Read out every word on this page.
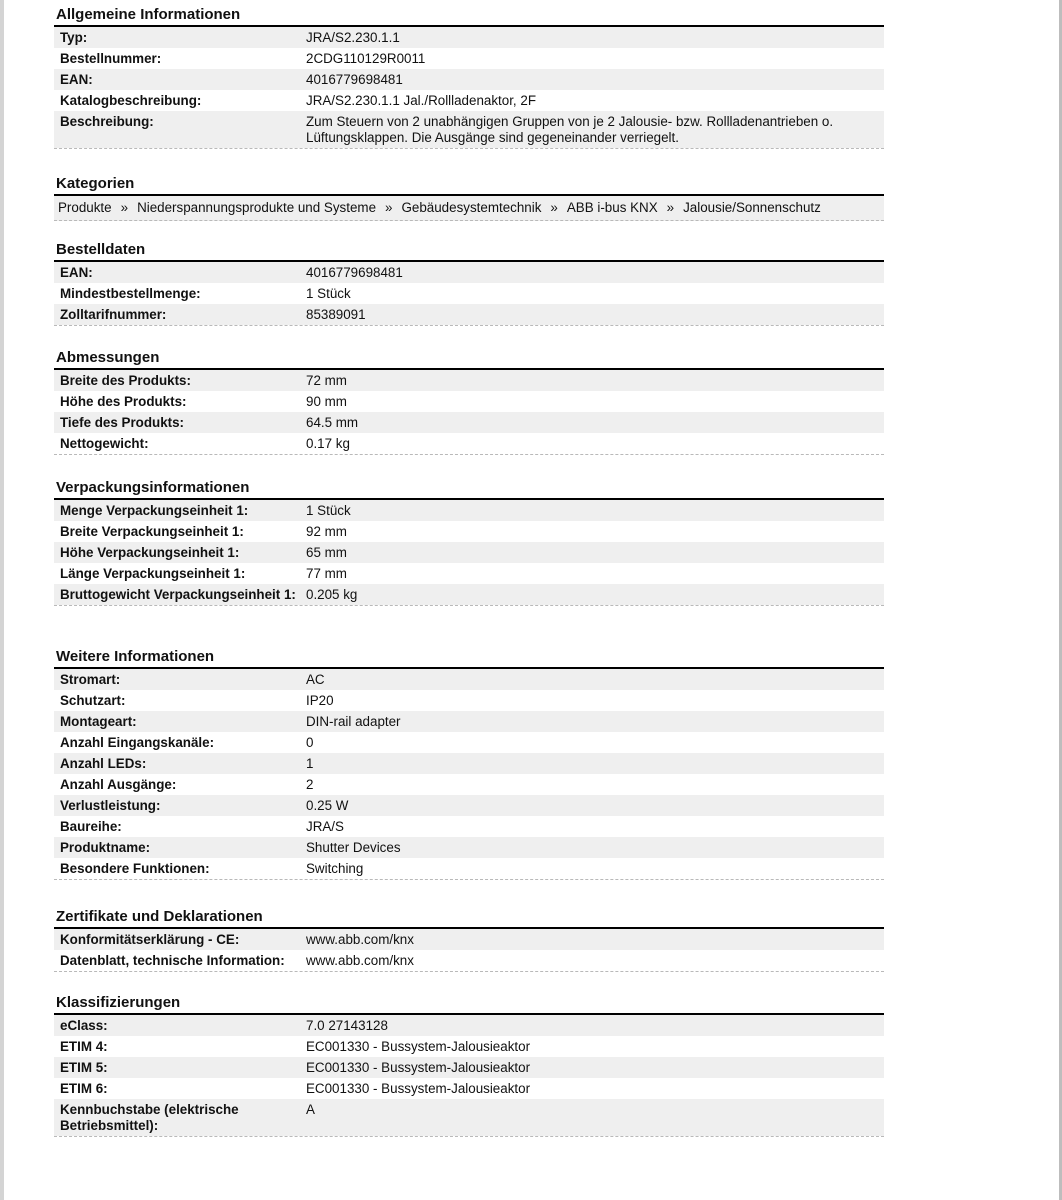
Allgemeine Informationen
Typ:	JRA/S2.230.1.1
Bestellnummer:	2CDG110129R0011
EAN:	4016779698481
Katalogbeschreibung:	JRA/S2.230.1.1 Jal./Rollladenaktor, 2F
Beschreibung:	Zum Steuern von 2 unabhängigen Gruppen von je 2 Jalousie- bzw. Rollladenantrieben o. Lüftungsklappen. Die Ausgänge sind gegeneinander verriegelt.
Kategorien
Produkte » Niederspannungsprodukte und Systeme » Gebäudesystemtechnik » ABB i-bus KNX » Jalousie/Sonnenschutz
Bestelldaten
EAN:	4016779698481
Mindestbestellmenge:	1 Stück
Zolltarifnummer:	85389091
Abmessungen
Breite des Produkts:	72 mm
Höhe des Produkts:	90 mm
Tiefe des Produkts:	64.5 mm
Nettogewicht:	0.17 kg
Verpackungsinformationen
Menge Verpackungseinheit 1:	1 Stück
Breite Verpackungseinheit 1:	92 mm
Höhe Verpackungseinheit 1:	65 mm
Länge Verpackungseinheit 1:	77 mm
Bruttogewicht Verpackungseinheit 1: 0.205 kg
Weitere Informationen
Stromart:	AC
Schutzart:	IP20
Montageart:	DIN-rail adapter
Anzahl Eingangskanäle:	0
Anzahl LEDs:	1
Anzahl Ausgänge:	2
Verlustleistung:	0.25 W
Baureihe:	JRA/S
Produktname:	Shutter Devices
Besondere Funktionen:	Switching
Zertifikate und Deklarationen
Konformitätserklärung - CE:	www.abb.com/knx
Datenblatt, technische Information:	www.abb.com/knx
Klassifizierungen
eClass:	7.0 27143128
ETIM 4:	EC001330 - Bussystem-Jalousieaktor
ETIM 5:	EC001330 - Bussystem-Jalousieaktor
ETIM 6:	EC001330 - Bussystem-Jalousieaktor
Kennbuchstabe (elektrische Betriebsmittel):
A
